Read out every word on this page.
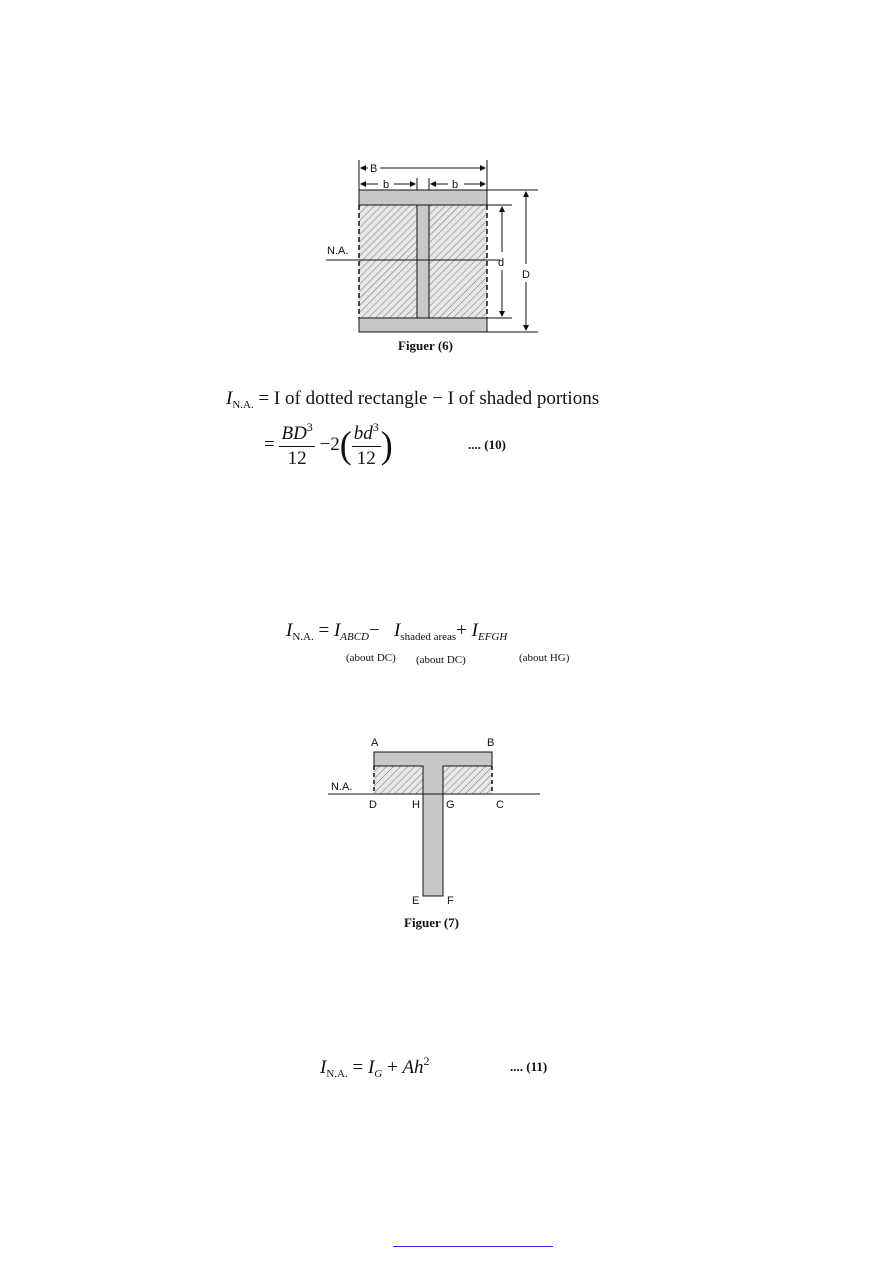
B
b	b
N.A.
d
D
Figuer (6)
$I_{N.A.} = I$ of dotted rectangle − I of shaded portions
= $\frac{BD^3}{12} -2( \frac{bd^3}{12}$ )	.... (10)
$I_{N.A.} = I_{ABCD}- I_{shaded areas}+ I_{EFGH}$
(about DC) (about DC)	(about HG)
A	B
N.A.
D	H G	C
E	F
Figuer (7)
$I_{N.A.} = I_G + Ah^2$	.... (11)
